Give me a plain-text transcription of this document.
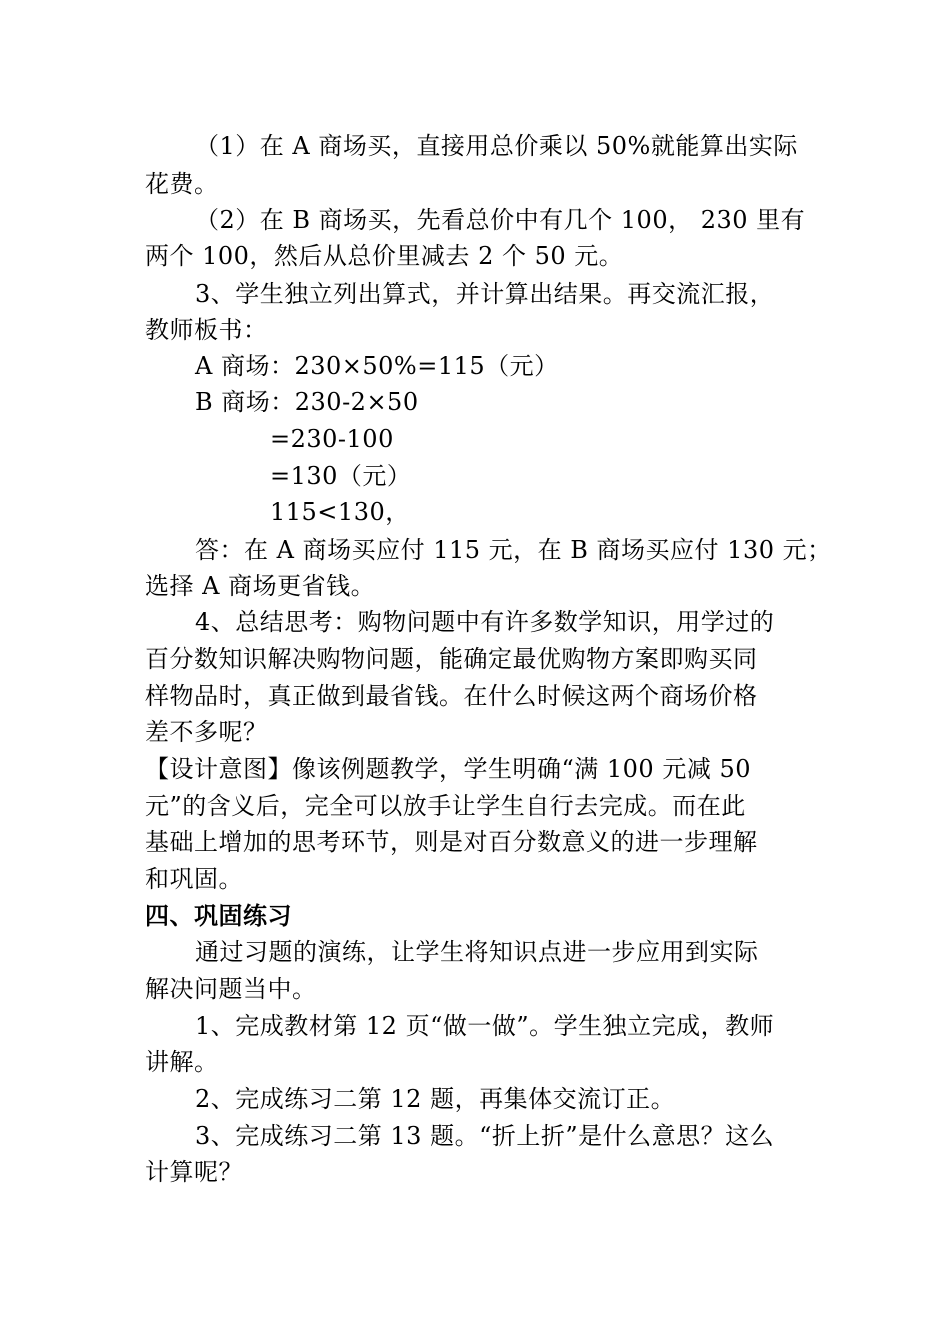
（1）在 A 商场买，直接用总价乘以 50%就能算出实际
花费。
（2）在 B 商场买，先看总价中有几个 100， 230 里有
两个 100，然后从总价里减去 2 个 50 元。
3、学生独立列出算式，并计算出结果。再交流汇报，
教师板书：
A 商场：230×50%=115（元）
B 商场：230-2×50
=230-100
=130（元）
115<130，
答：在 A 商场买应付 115 元，在 B 商场买应付 130 元；
选择 A 商场更省钱。
4、总结思考：购物问题中有许多数学知识，用学过的
百分数知识解决购物问题，能确定最优购物方案即购买同
样物品时，真正做到最省钱。在什么时候这两个商场价格
差不多呢？
【设计意图】像该例题教学，学生明确“满 100 元减 50
元”的含义后，完全可以放手让学生自行去完成。而在此
基础上增加的思考环节，则是对百分数意义的进一步理解
和巩固。
四、巩固练习
通过习题的演练，让学生将知识点进一步应用到实际
解决问题当中。
1、完成教材第 12 页“做一做”。学生独立完成，教师
讲解。
2、完成练习二第 12 题，再集体交流订正。
3、完成练习二第 13 题。“折上折”是什么意思？这么
计算呢？
